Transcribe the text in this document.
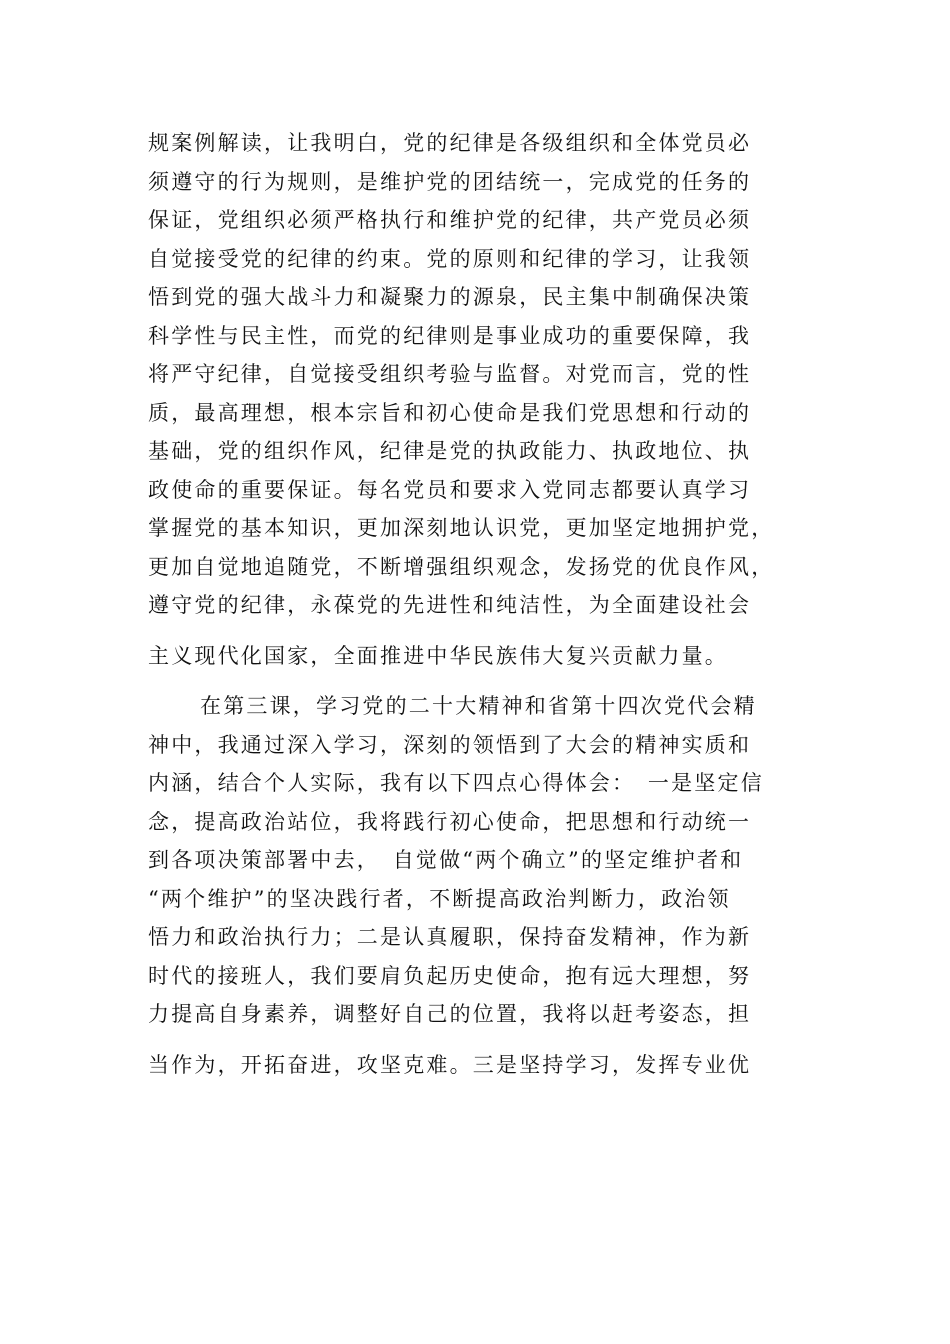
规案例解读，让我明白，党的纪律是各级组织和全体党员必
须遵守的行为规则，是维护党的团结统一，完成党的任务的
保证，党组织必须严格执行和维护党的纪律，共产党员必须
自觉接受党的纪律的约束。党的原则和纪律的学习，让我领
悟到党的强大战斗力和凝聚力的源泉，民主集中制确保决策
科学性与民主性，而党的纪律则是事业成功的重要保障，我
将严守纪律，自觉接受组织考验与监督。对党而言，党的性
质，最高理想，根本宗旨和初心使命是我们党思想和行动的
基础，党的组织作风，纪律是党的执政能力、执政地位、执
政使命的重要保证。每名党员和要求入党同志都要认真学习
掌握党的基本知识，更加深刻地认识党，更加坚定地拥护党，
更加自觉地追随党，不断增强组织观念，发扬党的优良作风，
遵守党的纪律，永葆党的先进性和纯洁性，为全面建设社会
主义现代化国家，全面推进中华民族伟大复兴贡献力量。
在第三课，学习党的二十大精神和省第十四次党代会精
神中，我通过深入学习，深刻的领悟到了大会的精神实质和
内涵，结合个人实际，我有以下四点心得体会：　一是坚定信
念，提高政治站位，我将践行初心使命，把思想和行动统一
到各项决策部署中去，　自觉做“两个确立”的坚定维护者和
“两个维护”的坚决践行者，不断提高政治判断力，政治领
悟力和政治执行力；二是认真履职，保持奋发精神，作为新
时代的接班人，我们要肩负起历史使命，抱有远大理想，努
力提高自身素养，调整好自己的位置，我将以赶考姿态，担
当作为，开拓奋进，攻坚克难。三是坚持学习，发挥专业优
